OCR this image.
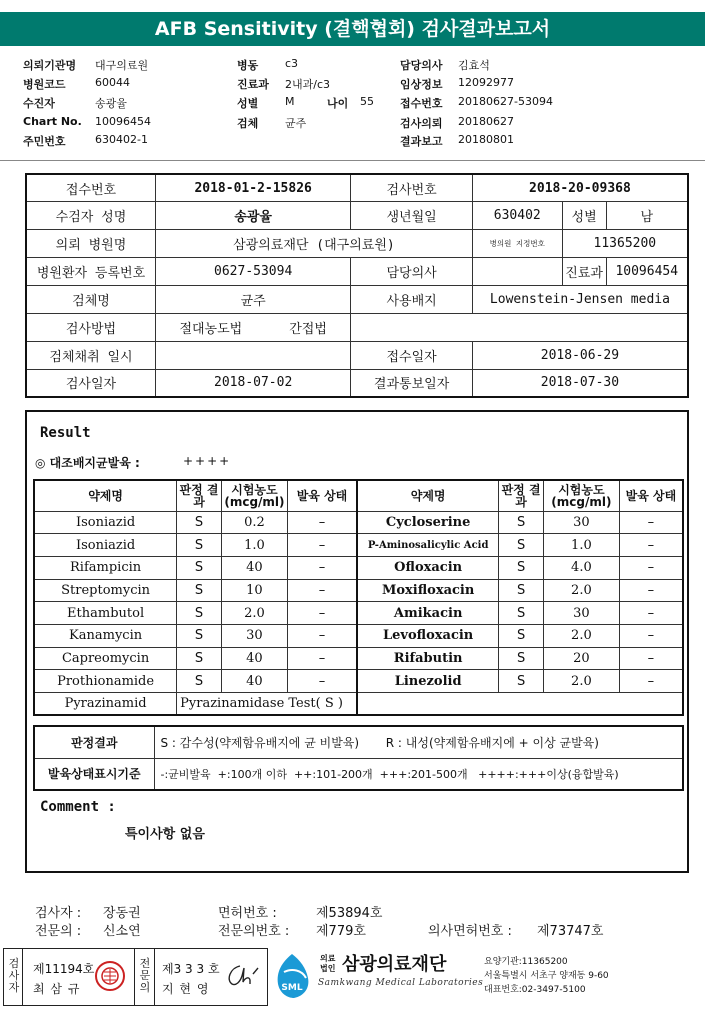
AFB Sensitivity (결핵협회) 검사결과보고서
의뢰기관명 대구의료원
병원코드	60044
수진자	송광율
Chart No. 10096454
주민번호	630402-1
병동 c3
진료과 2내과/c3
성별 M	나이 55
검체 균주
담당의사 김효석
임상정보 12092977
접수번호 20180627-53094
검사의뢰 20180627
결과보고 20180801
접수번호	2018-01-2-15826	검사번호	2018-20-09368		
수검자 성명	송광율	생년월일	630402	성별	남
의뢰 병원명	삼광의료재단 (대구의료원)		병의원 지정번호	11365200	
병원환자 등록번호	0627-53094	담당의사		진료과	10096454
검체명	균주	사용배지	Lowenstein-Jensen media		
검사방법	절대농도법 간접법				
검체채취 일시		접수일자	2018-06-29		
검사일자	2018-07-02	결과통보일자	2018-07-30		
Result
◎ 대조배지균발육 :	++++
약제명	판정 결과	시험농도 (mcg/ml)	발육 상태	약제명	판정 결과	시험농도 (mcg/ml)	발육 상태
Isoniazid	S	0.2	–	Cycloserine	S	30	–
Isoniazid	S	1.0	–	P-Aminosalicylic Acid	S	1.0	–
Rifampicin	S	40	–	Ofloxacin	S	4.0	–
Streptomycin	S	10	–	Moxifloxacin	S	2.0	–
Ethambutol	S	2.0	–	Amikacin	S	30	–
Kanamycin	S	30	–	Levofloxacin	S	2.0	–
Capreomycin	S	40	–	Rifabutin	S	20	–
Prothionamide	S	40	–	Linezolid	S	2.0	–
Pyrazinamid	Pyrazinamidase Test( S )						
판정결과	S : 감수성(약제함유배지에 균 비발육) R : 내성(약제함유배지에 + 이상 균발육)
발육상태표시기준	-:균비발육  +:100개 이하  ++:101-200개  +++:201-500개   ++++:+++이상(융합발육)
Comment :
특이사항 없음
검사자 : 장동권	면허번호 :	제53894호
전문의 : 신소연	전문의번호 : 제779호	의사면허번호 : 제73747호
검사자
제11194호
최 삼 규
전문의
제3 3 3 호
지 현 영	SML
의료법인 삼광의료재단
Samkwang Medical Laboratories
요양기관:11365200
서울특별시 서초구 양재동 9-60
대표번호:02-3497-5100
